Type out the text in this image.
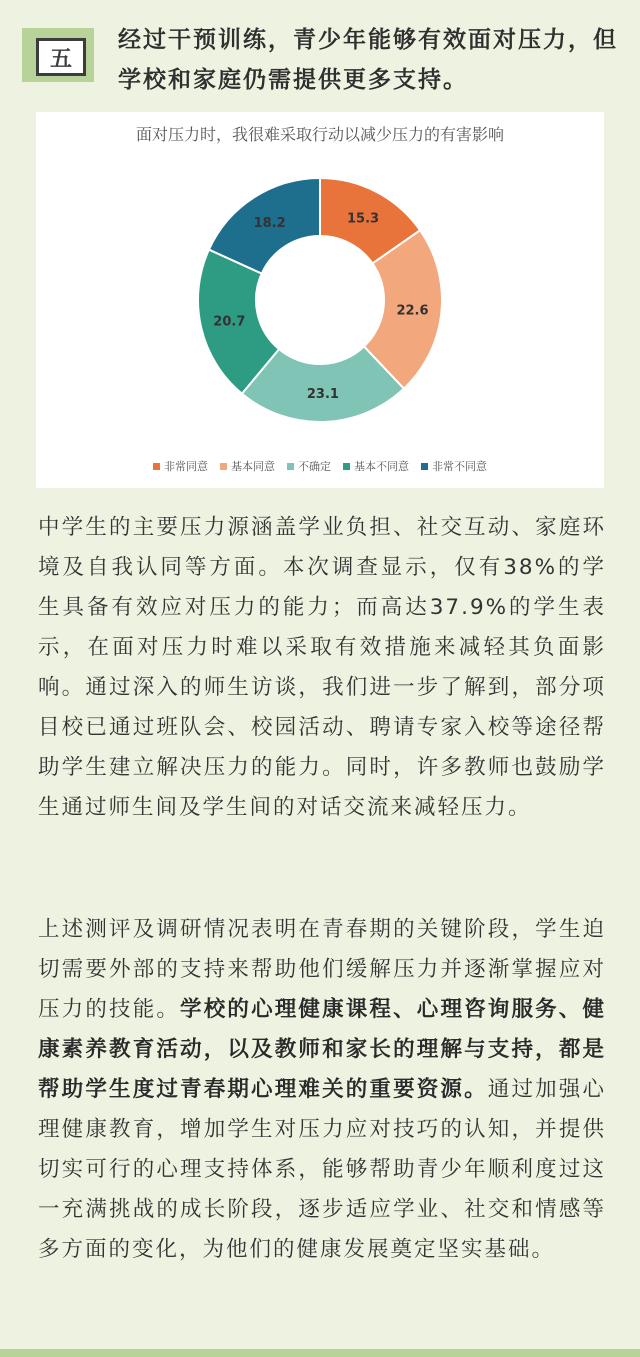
五
经过干预训练，青少年能够有效面对压力，但学校和家庭仍需提供更多支持。
15.3
22.6
23.1
20.7
18.2
面对压力时，我很难采取行动以减少压力的有害影响
非常同意 基本同意 不确定 基本不同意 非常不同意

中学生的主要压力源涵盖学业负担、社交互动、家庭环境及自我认同等方面。本次调查显示，仅有38%的学生具备有效应对压力的能力；而高达37.9%的学生表示，在面对压力时难以采取有效措施来减轻其负面影响。通过深入的师生访谈，我们进一步了解到，部分项目校已通过班队会、校园活动、聘请专家入校等途径帮助学生建立解决压力的能力。同时，许多教师也鼓励学生通过师生间及学生间的对话交流来减轻压力。

上述测评及调研情况表明在青春期的关键阶段，学生迫切需要外部的支持来帮助他们缓解压力并逐渐掌握应对压力的技能。学校的心理健康课程、心理咨询服务、健康素养教育活动，以及教师和家长的理解与支持，都是帮助学生度过青春期心理难关的重要资源。通过加强心理健康教育，增加学生对压力应对技巧的认知，并提供切实可行的心理支持体系，能够帮助青少年顺利度过这一充满挑战的成长阶段，逐步适应学业、社交和情感等多方面的变化，为他们的健康发展奠定坚实基础。
